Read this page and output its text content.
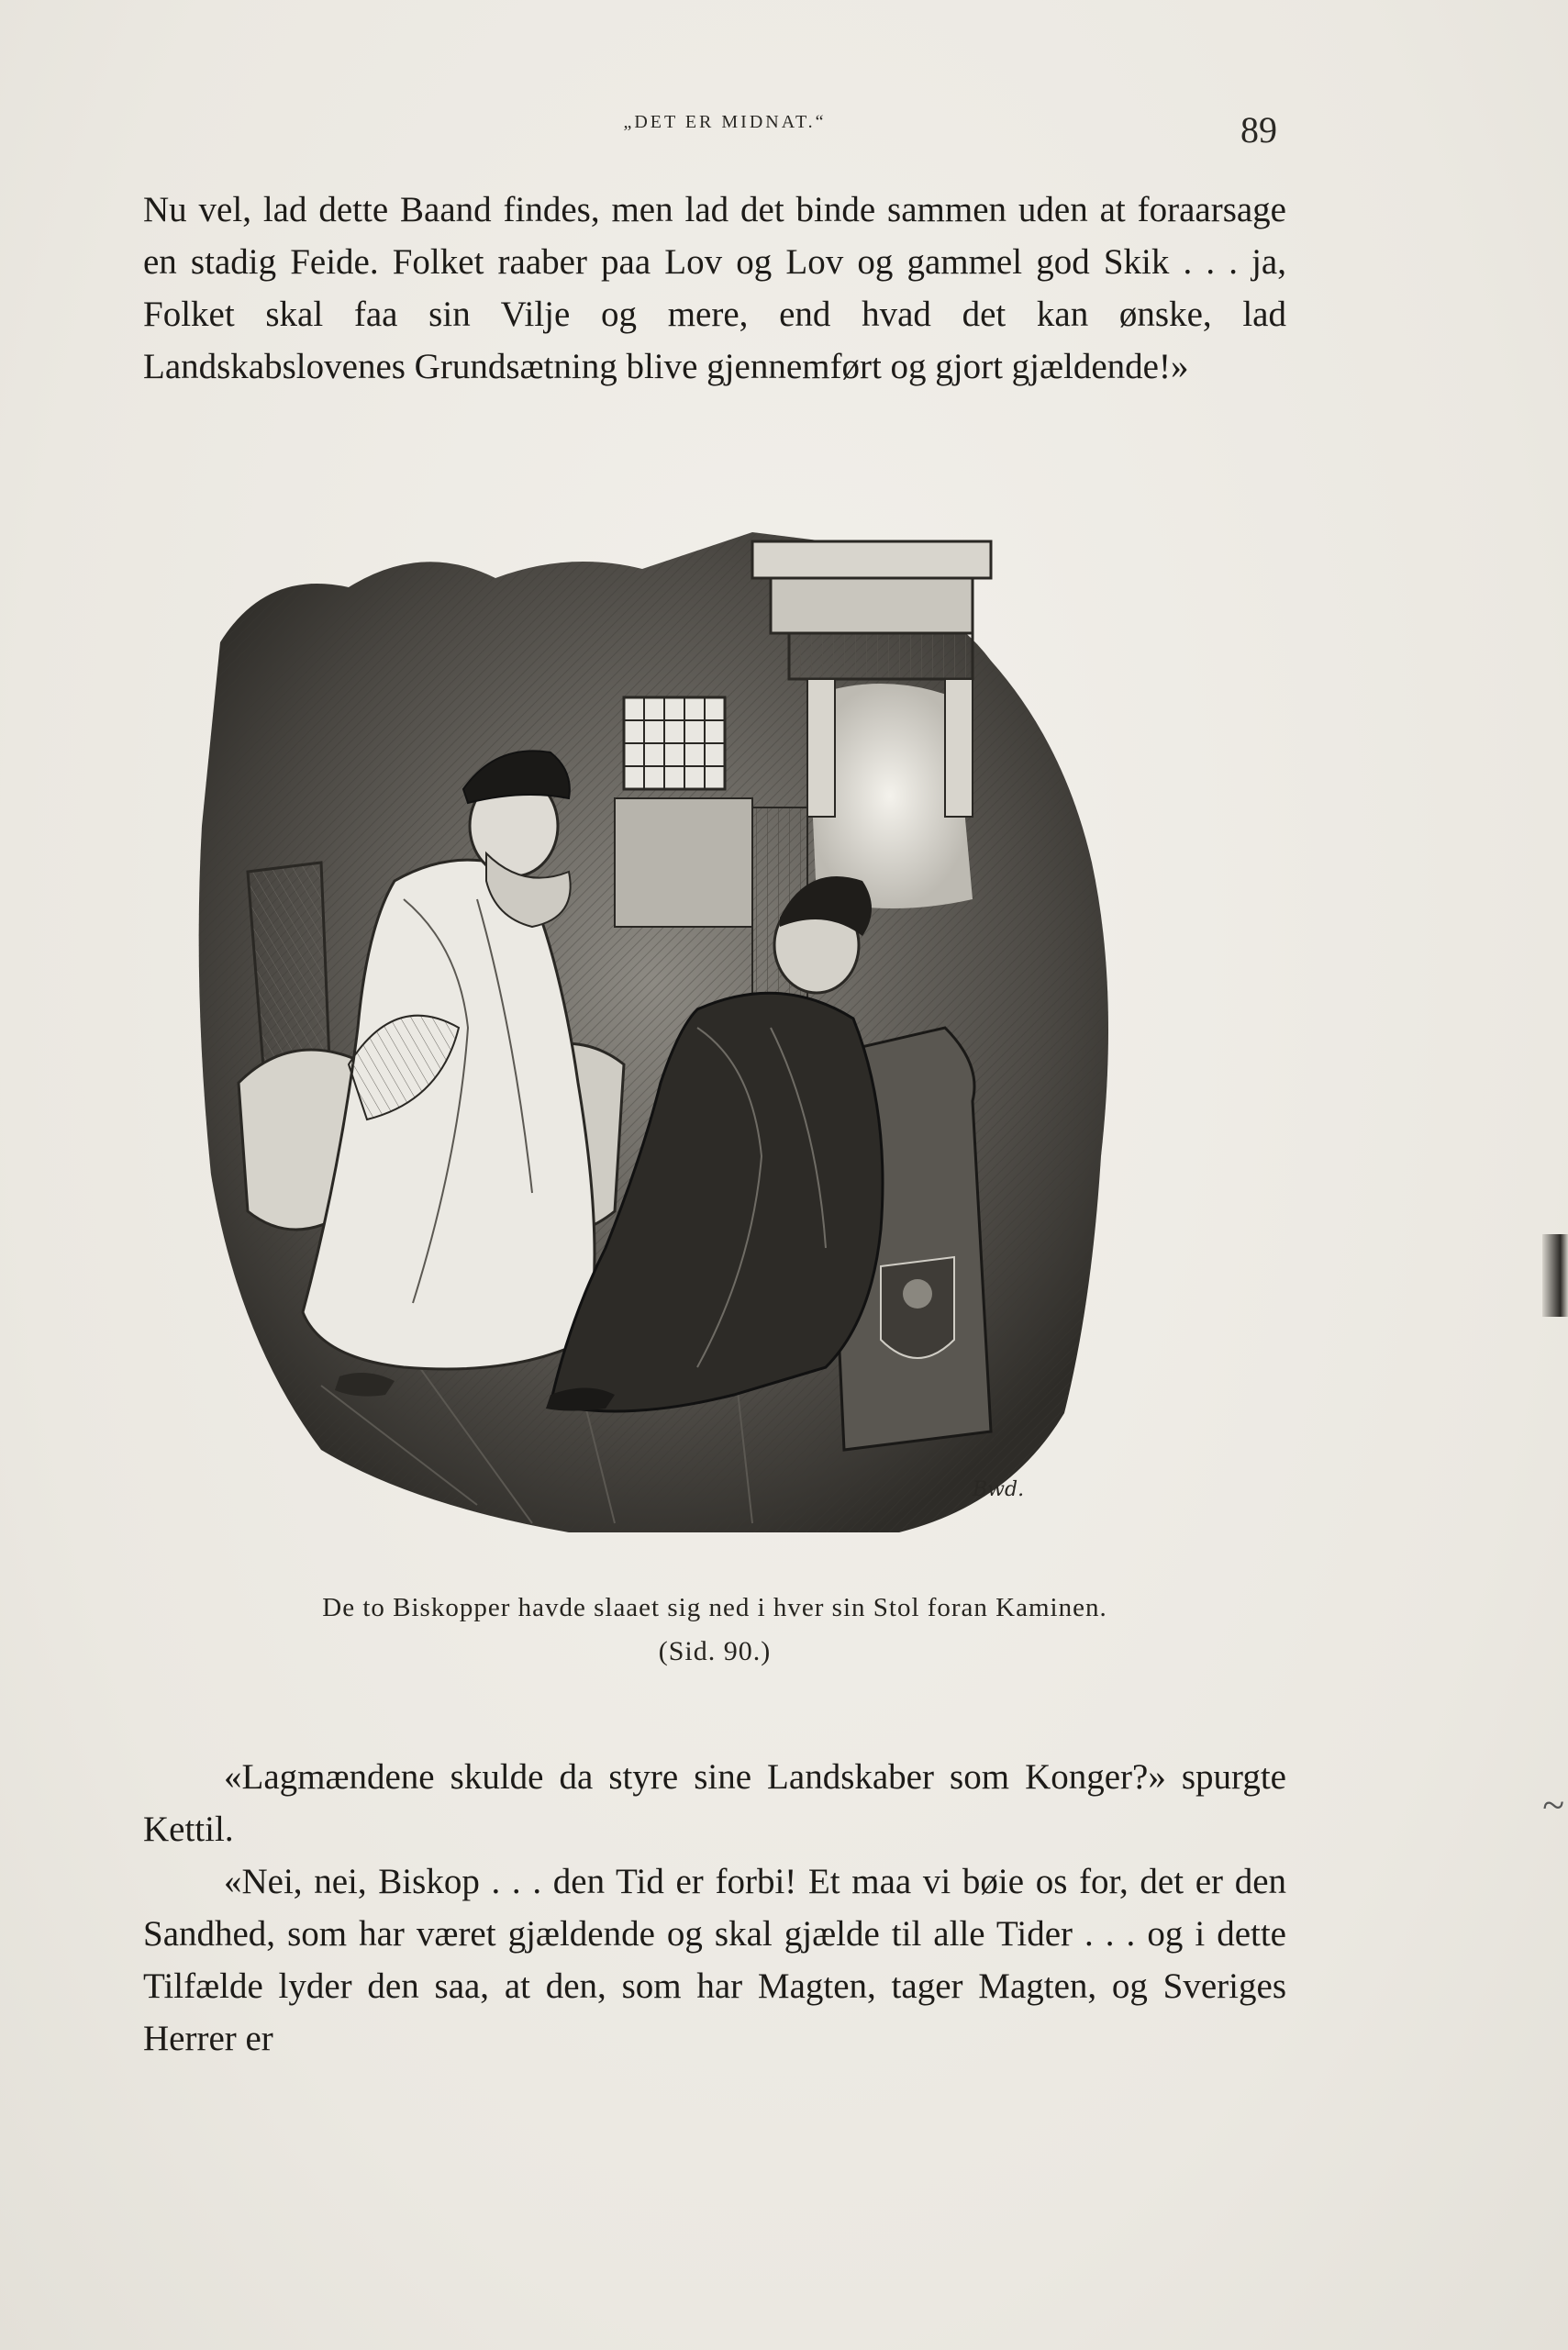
„DET ER MIDNAT.“	89

Nu vel, lad dette Baand findes, men lad det binde sammen uden at foraarsage en stadig Feide. Folket raaber paa Lov og Lov og gammel god Skik . . . ja, Folket skal faa sin Vilje og mere, end hvad det kan ønske, lad Landskabslovenes Grundsætning blive gjennemført og gjort gjældende!»

Bwd.
De to Biskopper havde slaaet sig ned i hver sin Stol foran Kaminen.
(Sid. 90.)

«Lagmændene skulde da styre sine Landskaber som Konger?» spurgte Kettil.

«Nei, nei, Biskop . . . den Tid er forbi! Et maa vi bøie os for, det er den Sandhed, som har været gjældende og skal gjælde til alle Tider . . . og i dette Tilfælde lyder den saa, at den, som har Magten, tager Magten, og Sveriges Herrer er

~
